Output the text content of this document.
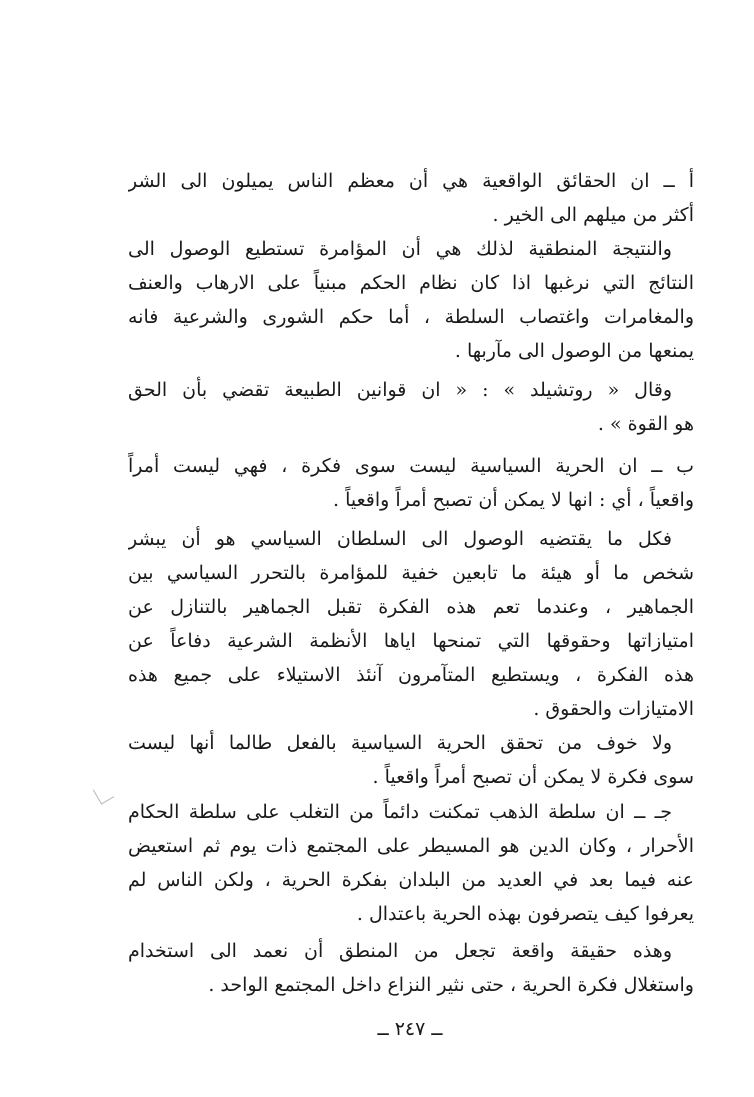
أ ــ ان الحقائق الواقعية هي أن معظم الناس يميلون الى الشر
أكثر من ميلهم الى الخير .
والنتيجة المنطقية لذلك هي أن المؤامرة تستطيع الوصول الى
النتائج التي نرغبها اذا كان نظام الحكم مبنياً على الارهاب والعنف
والمغامرات واغتصاب السلطة ، أما حكم الشورى والشرعية فانه
يمنعها من الوصول الى مآربها .
وقال « روتشيلد » : « ان قوانين الطبيعة تقضي بأن الحق
هو القوة » .
ب ــ ان الحرية السياسية ليست سوى فكرة ، فهي ليست أمراً
واقعياً ، أي : انها لا يمكن أن تصبح أمراً واقعياً .
فكل ما يقتضيه الوصول الى السلطان السياسي هو أن يبشر
شخص ما أو هيئة ما تابعين خفية للمؤامرة بالتحرر السياسي بين
الجماهير ، وعندما تعم هذه الفكرة تقبل الجماهير بالتنازل عن
امتيازاتها وحقوقها التي تمنحها اياها الأنظمة الشرعية دفاعاً عن
هذه الفكرة ، ويستطيع المتآمرون آنئذ الاستيلاء على جميع هذه
الامتيازات والحقوق .
ولا خوف من تحقق الحرية السياسية بالفعل طالما أنها ليست
سوى فكرة لا يمكن أن تصبح أمراً واقعياً .
جـ ــ ان سلطة الذهب تمكنت دائماً من التغلب على سلطة الحكام
الأحرار ، وكان الدين هو المسيطر على المجتمع ذات يوم ثم استعيض
عنه فيما بعد في العديد من البلدان بفكرة الحرية ، ولكن الناس لم
يعرفوا كيف يتصرفون بهذه الحرية باعتدال .
وهذه حقيقة واقعة تجعل من المنطق أن نعمد الى استخدام
واستغلال فكرة الحرية ، حتى نثير النزاع داخل المجتمع الواحد .
ــ ٢٤٧ ــ
